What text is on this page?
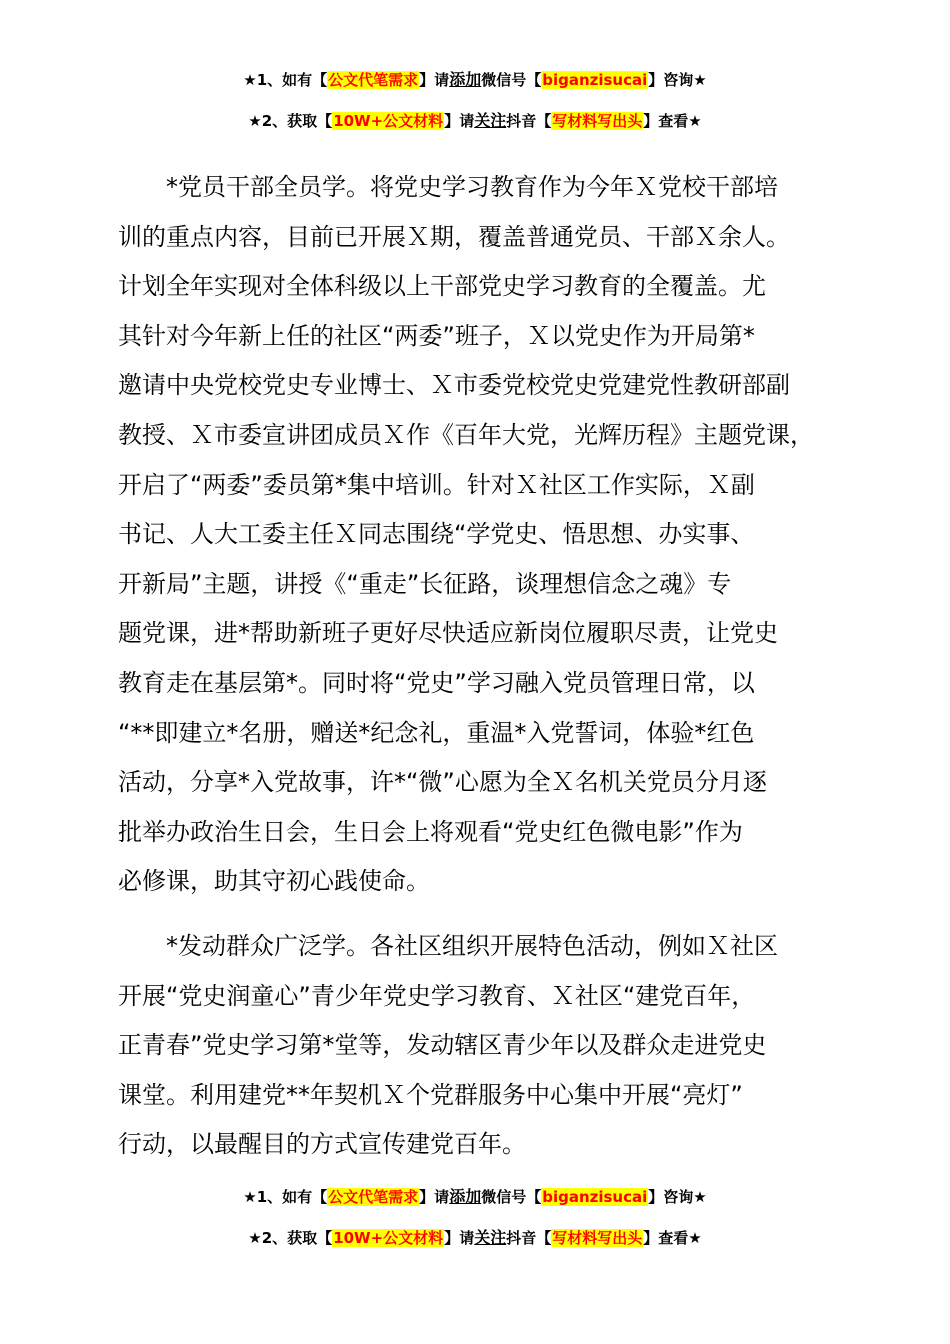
★1、如有【公文代笔需求】请添加微信号【biganzisucai】咨询★
★2、获取【10W+公文材料】请关注抖音【写材料写出头】查看★
　　*党员干部全员学。将党史学习教育作为今年Ｘ党校干部培
训的重点内容，目前已开展Ｘ期，覆盖普通党员、干部Ｘ余人。
计划全年实现对全体科级以上干部党史学习教育的全覆盖。尤
其针对今年新上任的社区“两委”班子，Ｘ以党史作为开局第*
邀请中央党校党史专业博士、Ｘ市委党校党史党建党性教研部副
教授、Ｘ市委宣讲团成员Ｘ作《百年大党，光辉历程》主题党课，
开启了“两委”委员第*集中培训。针对Ｘ社区工作实际，Ｘ副
书记、人大工委主任Ｘ同志围绕“学党史、悟思想、办实事、
开新局”主题，讲授《“重走”长征路，谈理想信念之魂》专
题党课，进*帮助新班子更好尽快适应新岗位履职尽责，让党史
教育走在基层第*。同时将“党史”学习融入党员管理日常，以
“**即建立*名册，赠送*纪念礼，重温*入党誓词，体验*红色
活动，分享*入党故事，许*“微”心愿为全Ｘ名机关党员分月逐
批举办政治生日会，生日会上将观看“党史红色微电影”作为
必修课，助其守初心践使命。
　　*发动群众广泛学。各社区组织开展特色活动，例如Ｘ社区
开展“党史润童心”青少年党史学习教育、Ｘ社区“建党百年，
正青春”党史学习第*堂等，发动辖区青少年以及群众走进党史
课堂。利用建党**年契机Ｘ个党群服务中心集中开展“亮灯”
行动，以最醒目的方式宣传建党百年。
★1、如有【公文代笔需求】请添加微信号【biganzisucai】咨询★
★2、获取【10W+公文材料】请关注抖音【写材料写出头】查看★
